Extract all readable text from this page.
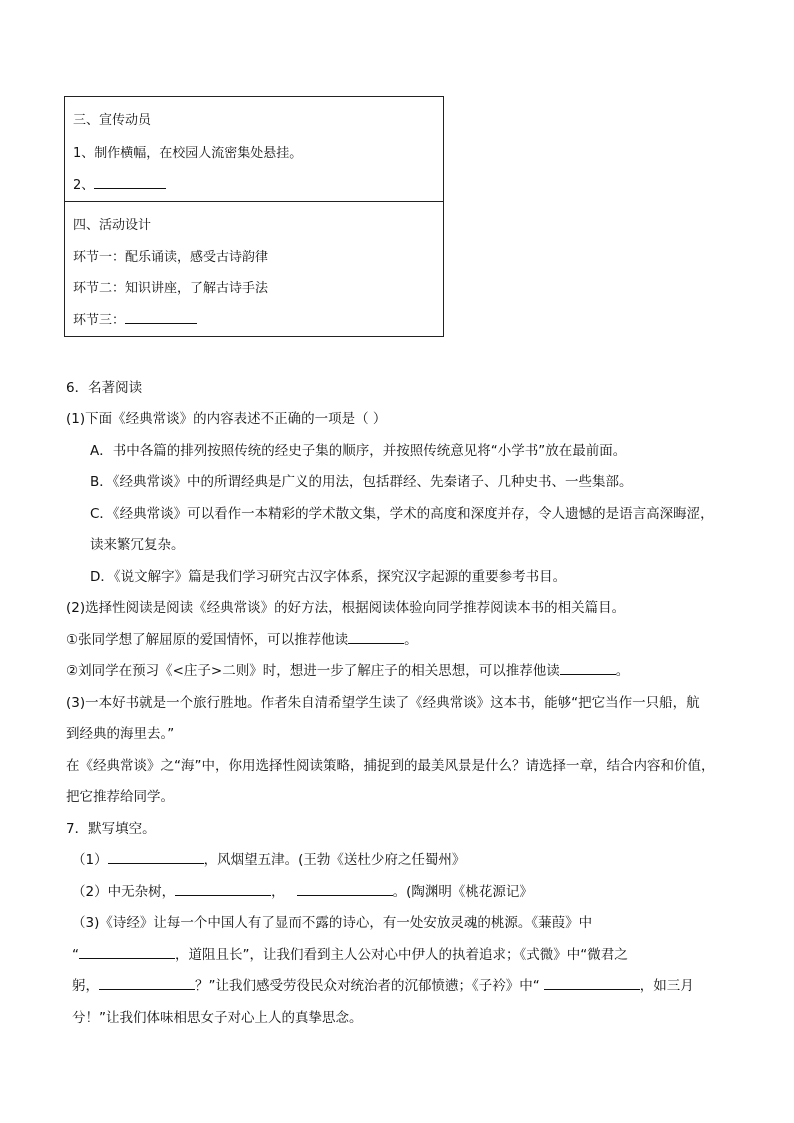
三、宣传动员
1、制作横幅，在校园人流密集处悬挂。
2、
四、活动设计
环节一：配乐诵读，感受古诗韵律
环节二：知识讲座，了解古诗手法
环节三：
6．名著阅读
(1)下面《经典常谈》的内容表述不正确的一项是（ ）
A．书中各篇的排列按照传统的经史子集的顺序，并按照传统意见将“小学书”放在最前面。
B．《经典常谈》中的所谓经典是广义的用法，包括群经、先秦诸子、几种史书、一些集部。
C．《经典常谈》可以看作一本精彩的学术散文集，学术的高度和深度并存，令人遗憾的是语言高深晦涩，
读来繁冗复杂。
D．《说文解字》篇是我们学习研究古汉字体系，探究汉字起源的重要参考书目。
(2)选择性阅读是阅读《经典常谈》的好方法，根据阅读体验向同学推荐阅读本书的相关篇目。
①张同学想了解屈原的爱国情怀，可以推荐他读	。
②刘同学在预习《<庄子>二则》时，想进一步了解庄子的相关思想，可以推荐他读	。
(3)一本好书就是一个旅行胜地。作者朱自清希望学生读了《经典常谈》这本书，能够“把它当作一只船，航
到经典的海里去。”
在《经典常谈》之“海”中，你用选择性阅读策略，捕捉到的最美风景是什么？请选择一章，结合内容和价值，
把它推荐给同学。
7．默写填空。
（1）	，风烟望五津。(王勃《送杜少府之任蜀州》
（2）中无杂树，	，	。(陶渊明《桃花源记》
（3)《诗经》让每一个中国人有了显而不露的诗心，有一处安放灵魂的桃源。《蒹葭》中
“	，道阻且长”，让我们看到主人公对心中伊人的执着追求；《式微》中“微君之
躬，	？”让我们感受劳役民众对统治者的沉郁愤懑；《子衿》中“	，如三月
兮！”让我们体味相思女子对心上人的真挚思念。
